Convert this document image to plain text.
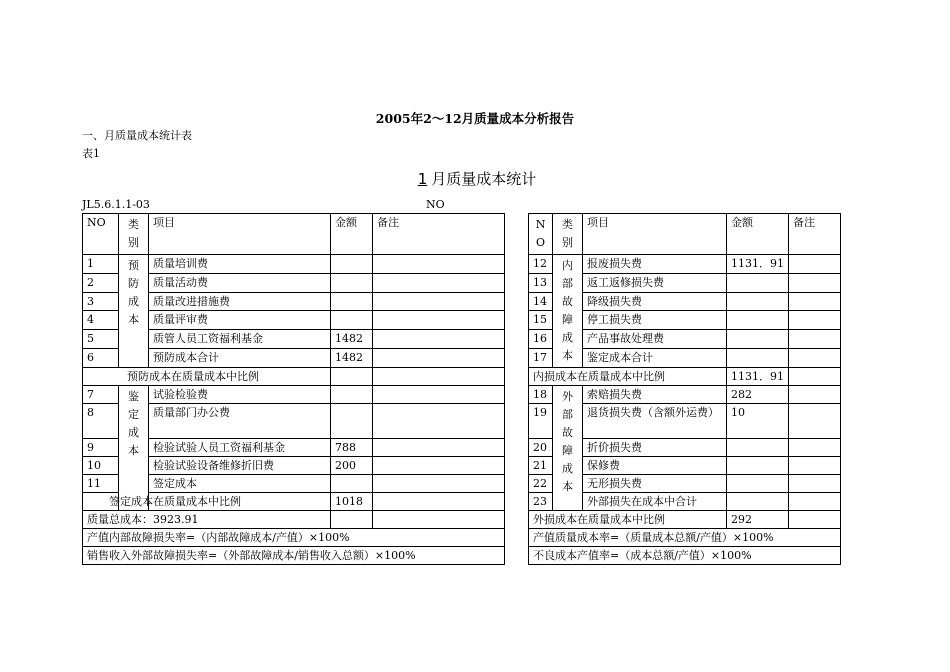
2005年2～12月质量成本分析报告
一、月质量成本统计表
表1
1 月质量成本统计
JL5.6.1.1-03	NO
NO	类别	项目	金额	备注		N O	类别	项目	金额	备注
1	预防成本	质量培训费				12	内部故障成本	报废损失费	1131．91	
2		质量活动费				13		返工返修损失费		
3		质量改进措施费				14		降级损失费		
4		质量评审费				15		停工损失费		
5		质管人员工资福利基金	1482			16		产品事故处理费		
6		预防成本合计	1482			17		鉴定成本合计		
预防成本在质量成本中比例						内损成本在质量成本中比例			1131．91	
7	鉴定成本	试验检验费				18	外部故障成本	索赔损失费	282	
8		质量部门办公费				19		退货损失费（含额外运费）	10	
9		检验试验人员工资福利基金	788			20		折价损失费		
10		检验试验设备维修折旧费	200			21		保修费		
11		签定成本				22		无形损失费		
签定成本在质量成本中比例			1018			23		外部损失在成本中合计		
质量总成本：3923.91						外损成本在质量成本中比例			292	
产值内部故障损失率=（内部故障成本/产值）×100%						产值质量成本率=（质量成本总额/产值）×100%				
销售收入外部故障损失率=（外部故障成本/销售收入总额）×100%						不良成本产值率=（成本总额/产值）×100%				
